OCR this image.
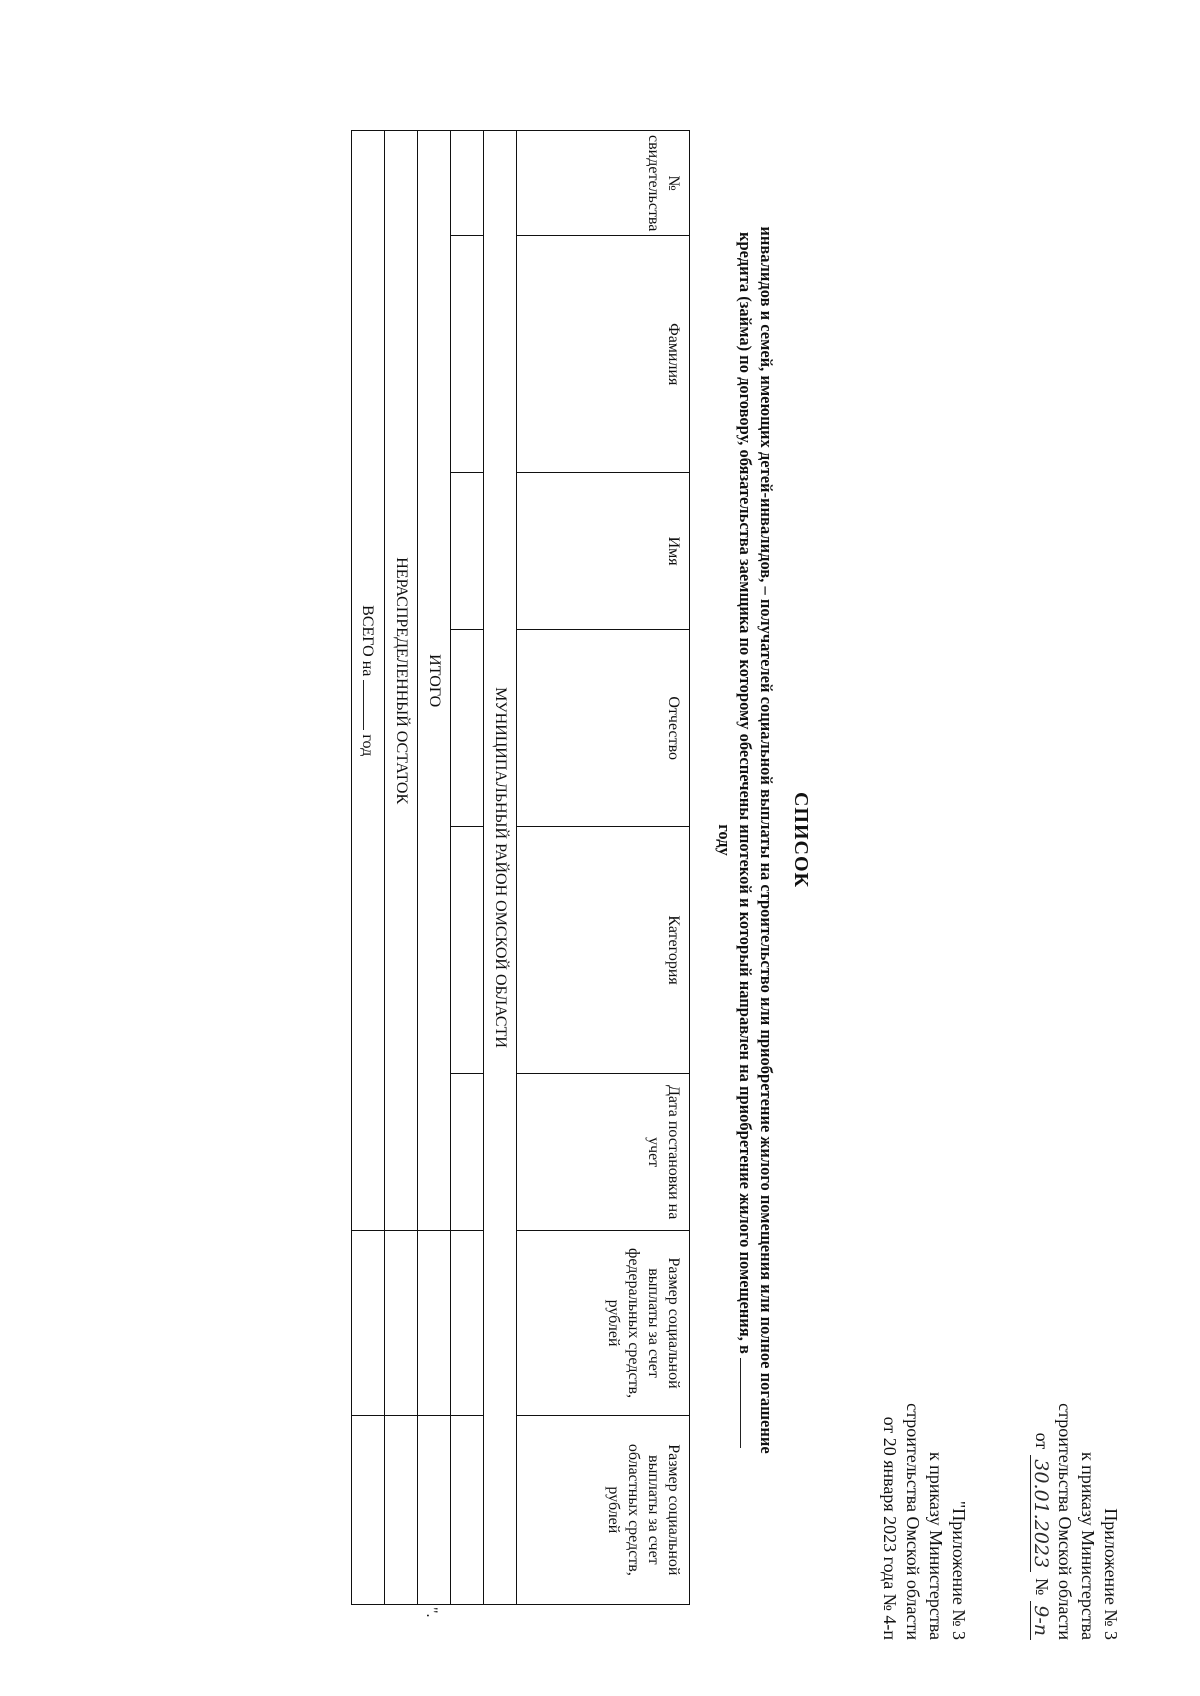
Приложение № 3
к приказу Министерства
строительства Омской области
от
30.01.2023
№
9-п
"Приложение № 3
к приказу Министерства
строительства Омской области
от 20 января 2023 года № 4-п
СПИСОК
инвалидов и семей, имеющих детей-инвалидов, – получателей социальной выплаты на строительство или приобретение жилого помещения или полное погашение
кредита (займа) по договору, обязательства заемщика по которому обеспечены ипотекой и который направлен на приобретение жилого помещения, в
году
№ свидетельства	Фамилия	Имя	Отчество	Категория	Дата постановки на учет	Размер социальной выплаты за счет федеральных средств, рублей	Размер социальной выплаты за счет областных средств, рублей
МУНИЦИПАЛЬНЫЙ РАЙОН ОМСКОЙ ОБЛАСТИ							

ИТОГО							
НЕРАСПРЕДЕЛЕННЫЙ ОСТАТОК							
ВСЕГО на  год							
".
